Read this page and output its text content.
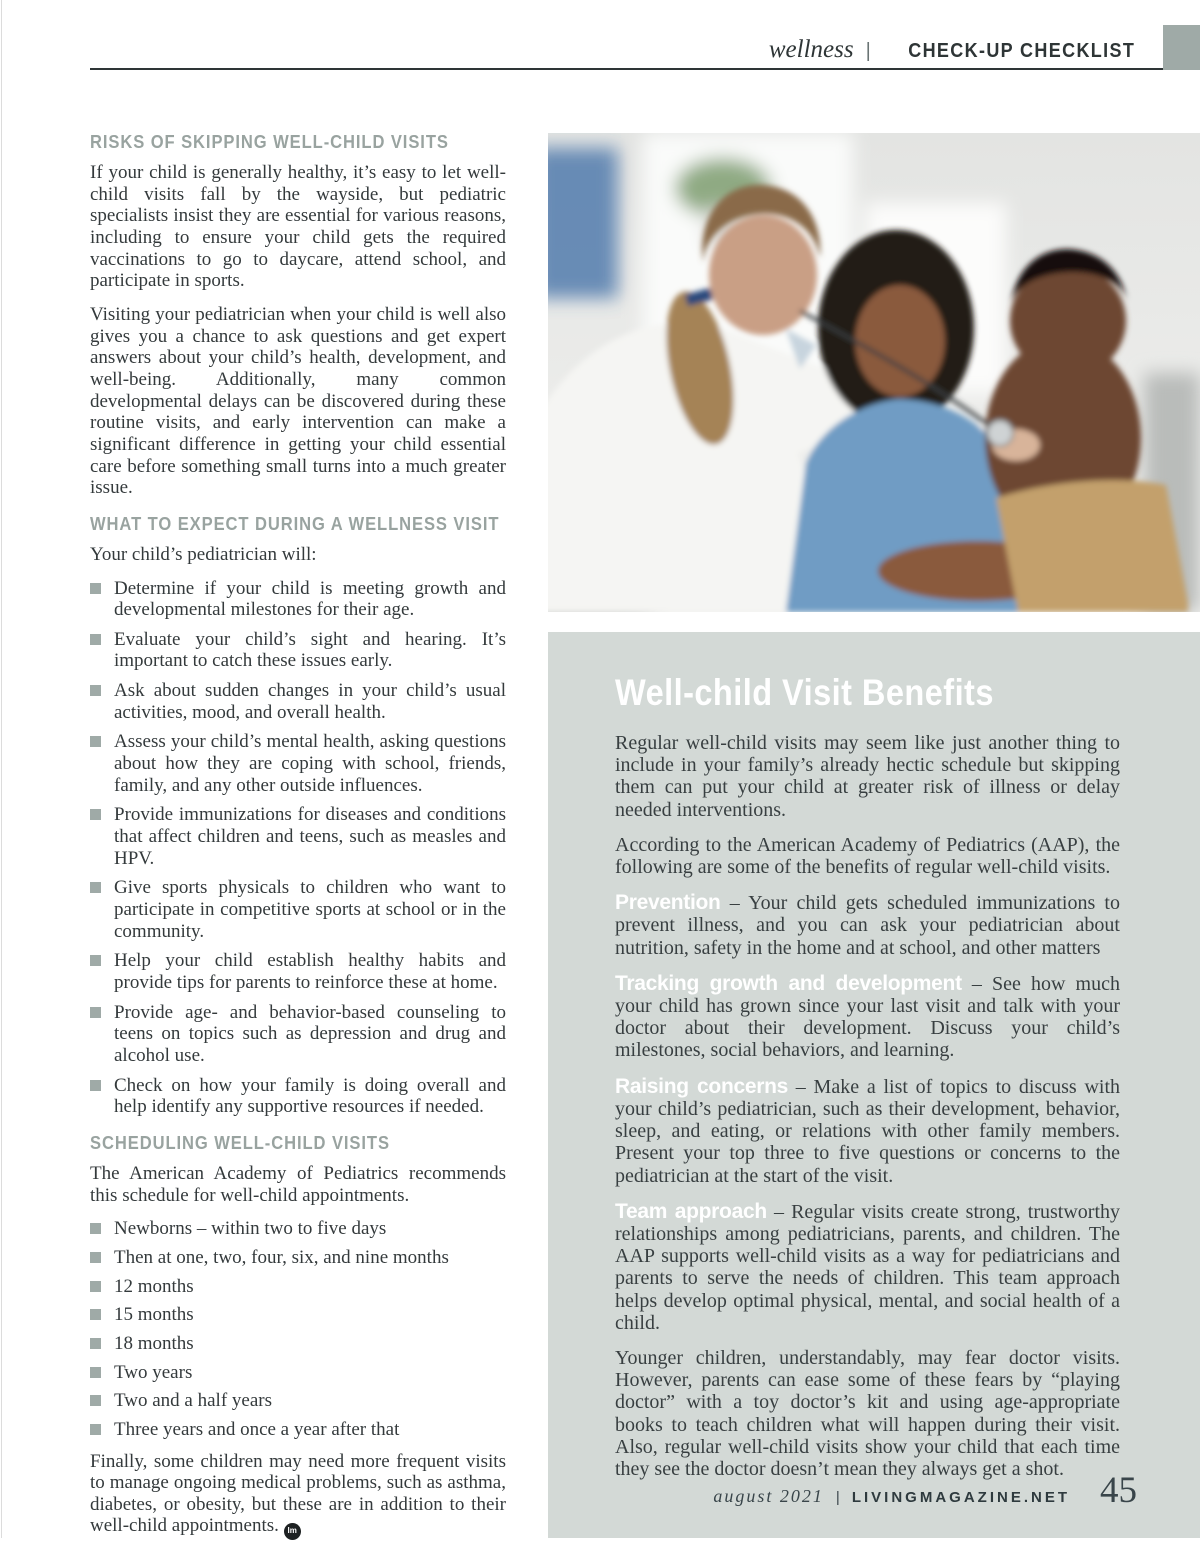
wellness | CHECK-UP CHECKLIST
RISKS OF SKIPPING WELL-CHILD VISITS

If your child is generally healthy, it’s easy to let well-child visits fall by the wayside, but pediatric specialists insist they are essential for various reasons, including to ensure your child gets the required vaccinations to go to daycare, attend school, and participate in sports.

Visiting your pediatrician when your child is well also gives you a chance to ask questions and get expert answers about your child’s health, development, and well-being. Additionally, many common developmental delays can be discovered during these routine visits, and early intervention can make a significant difference in getting your child essential care before something small turns into a much greater issue.

WHAT TO EXPECT DURING A WELLNESS VISIT

Your child’s pediatrician will:

Determine if your child is meeting growth and developmental milestones for their age.
Evaluate your child’s sight and hearing. It’s important to catch these issues early.
Ask about sudden changes in your child’s usual activities, mood, and overall health.
Assess your child’s mental health, asking questions about how they are coping with school, friends, family, and any other outside influences.
Provide immunizations for diseases and conditions that affect children and teens, such as measles and HPV.
Give sports physicals to children who want to participate in competitive sports at school or in the community.
Help your child establish healthy habits and provide tips for parents to reinforce these at home.
Provide age- and behavior-based counseling to teens on topics such as depression and drug and alcohol use.
Check on how your family is doing overall and help identify any supportive resources if needed.
SCHEDULING WELL-CHILD VISITS

The American Academy of Pediatrics recommends this schedule for well-child appointments.

Newborns – within two to five days
Then at one, two, four, six, and nine months
12 months
15 months
18 months
Two years
Two and a half years
Three years and once a year after that

Finally, some children may need more frequent visits to manage ongoing medical problems, such as asthma, diabetes, or obesity, but these are in addition to their well-child appointments. lm

Well-child Visit Benefits

Regular well-child visits may seem like just another thing to include in your family’s already hectic schedule but skipping them can put your child at greater risk of illness or delay needed interventions.

According to the American Academy of Pediatrics (AAP), the following are some of the benefits of regular well-child visits.

Prevention – Your child gets scheduled immunizations to prevent illness, and you can ask your pediatrician about nutrition, safety in the home and at school, and other matters

Tracking growth and development – See how much your child has grown since your last visit and talk with your doctor about their development. Discuss your child’s milestones, social behaviors, and learning.

Raising concerns – Make a list of topics to discuss with your child’s pediatrician, such as their development, behavior, sleep, and eating, or relations with other family members. Present your top three to five questions or concerns to the pediatrician at the start of the visit.

Team approach – Regular visits create strong, trustworthy relationships among pediatricians, parents, and children. The AAP supports well-child visits as a way for pediatricians and parents to serve the needs of children. This team approach helps develop optimal physical, mental, and social health of a child.

Younger children, understandably, may fear doctor visits. However, parents can ease some of these fears by “playing doctor” with a toy doctor’s kit and using age-appropriate books to teach children what will happen during their visit. Also, regular well-child visits show your child that each time they see the doctor doesn’t mean they always get a shot.

august 2021 | LIVINGMAGAZINE.NET 45
